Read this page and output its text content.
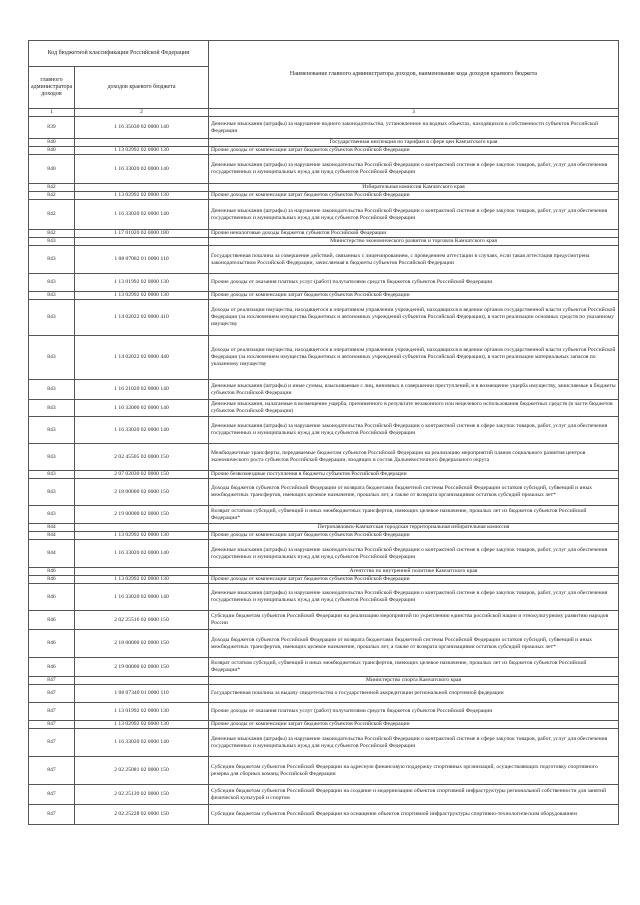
Код бюджетной классификации Российской Федерации		Наименование главного администратора доходов, наименование кода доходов краевого бюджета
главного администратора доходов	доходов краевого бюджета	
1	2	3
839	1 16 35030 02 0000 140	Денежные взыскания (штрафы) за нарушение водного законодательства, установленное на водных объектах, находящихся в собственности субъектов Российской Федерации
840		Государственная инспекция по тарифам в сфере цен Камчатского края
840	1 13 02992 02 0000 130	Прочие доходы от компенсации затрат бюджетов субъектов Российской Федерации
840	1 16 33020 02 0000 140	Денежные взыскания (штрафы) за нарушение законодательства Российской Федерации о контрактной системе в сфере закупок товаров, работ, услуг для обеспечения государственных и муниципальных нужд для нужд субъектов Российской Федерации
842		Избирательная комиссия Камчатского края
842	1 13 02992 02 0000 130	Прочие доходы от компенсации затрат бюджетов субъектов Российской Федерации
842	1 16 33020 02 0000 140	Денежные взыскания (штрафы) за нарушение законодательства Российской Федерации о контрактной системе в сфере закупок товаров, работ, услуг для обеспечения государственных и муниципальных нужд для нужд субъектов Российской Федерации
842	1 17 01020 02 0000 180	Прочие неналоговые доходы бюджетов субъектов Российской Федерации
843		Министерство экономического развития и торговли Камчатского края
843	1 08 07082 01 0000 110	Государственная пошлина за совершение действий, связанных с лицензированием, с проведением аттестации в случаях, если такая аттестация предусмотрена законодательством Российской Федерации, зачисляемая в бюджеты субъектов Российской Федерации
843	1 13 01992 02 0000 130	Прочие доходы от оказания платных услуг (работ) получателями средств бюджетов субъектов Российской Федерации
843	1 13 02992 02 0000 130	Прочие доходы от компенсации затрат бюджетов субъектов Российской Федерации
843	1 14 02022 02 0000 410	Доходы от реализации имущества, находящегося в оперативном управлении учреждений, находящихся в ведении органов государственной власти субъектов Российской Федерации (за исключением имущества бюджетных и автономных учреждений субъектов Российской Федерации), в части реализации основных средств по указанному имуществу
843	1 14 02022 02 0000 440	Доходы от реализации имущества, находящегося в оперативном управлении учреждений, находящихся в ведении органов государственной власти субъектов Российской Федерации (за исключением имущества бюджетных и автономных учреждений субъектов Российской Федерации), в части реализации материальных запасов по указанному имуществу
843	1 16 21020 02 0000 140	Денежные взыскания (штрафы) и иные суммы, взыскиваемые с лиц, виновных в совершении преступлений, и в возмещение ущерба имуществу, зачисляемые в бюджеты субъектов Российской Федерации
843	1 16 32000 02 0000 140	Денежные взыскания, налагаемые в возмещение ущерба, причиненного в результате незаконного или нецелевого использования бюджетных средств (в части бюджетов субъектов Российской Федерации)
843	1 16 33020 02 0000 140	Денежные взыскания (штрафы) за нарушение законодательства Российской Федерации о контрактной системе в сфере закупок товаров, работ, услуг для обеспечения государственных и муниципальных нужд для нужд субъектов Российской Федерации
843	2 02 45505 02 0000 150	Межбюджетные трансферты, передаваемые бюджетам субъектов Российской Федерации на реализацию мероприятий планов социального развития центров экономического роста субъектов Российской Федерации, входящих в состав Дальневосточного федерального округа
843	2 07 02030 02 0000 150	Прочие безвозмездные поступления в бюджеты субъектов Российской Федерации
843	2 18 00000 02 0000 150	Доходы бюджетов субъектов Российской Федерации от возврата бюджетами бюджетной системы Российской Федерации остатков субсидий, субвенций и иных межбюджетных трансфертов, имеющих целевое назначение, прошлых лет, а также от возврата организациями остатков субсидий прошлых лет*
843	2 19 00000 02 0000 150	Возврат остатков субсидий, субвенций и иных межбюджетных трансфертов, имеющих целевое назначение, прошлых лет из бюджетов субъектов Российской Федерации*
844		Петропавловск-Камчатская городская территориальная избирательная комиссия
844	1 13 02992 02 0000 130	Прочие доходы от компенсации затрат бюджетов субъектов Российской Федерации
844	1 16 33020 02 0000 140	Денежные взыскания (штрафы) за нарушение законодательства Российской Федерации о контрактной системе в сфере закупок товаров, работ, услуг для обеспечения государственных и муниципальных нужд для нужд субъектов Российской Федерации
846		Агентство по внутренней политике Камчатского края
846	1 13 02992 02 0000 130	Прочие доходы от компенсации затрат бюджетов субъектов Российской Федерации
846	1 16 33020 02 0000 140	Денежные взыскания (штрафы) за нарушение законодательства Российской Федерации о контрактной системе в сфере закупок товаров, работ, услуг для обеспечения государственных и муниципальных нужд для нужд субъектов Российской Федерации
846	2 02 25516 02 0000 150	Субсидии бюджетам субъектов Российской Федерации на реализацию мероприятий по укреплению единства российской нации и этнокультурному развитию народов России
846	2 18 00000 02 0000 150	Доходы бюджетов субъектов Российской Федерации от возврата бюджетами бюджетной системы Российской Федерации остатков субсидий, субвенций и иных межбюджетных трансфертов, имеющих целевое назначение, прошлых лет, а также от возврата организациями остатков субсидий прошлых лет*
846	2 19 00000 02 0000 150	Возврат остатков субсидий, субвенций и иных межбюджетных трансфертов, имеющих целевое назначение, прошлых лет из бюджетов субъектов Российской Федерации*
847		Министерство спорта Камчатского края
847	1 08 07340 01 0000 110	Государственная пошлина за выдачу свидетельства о государственной аккредитации региональной спортивной федерации
847	1 13 01992 02 0000 130	Прочие доходы от оказания платных услуг (работ) получателями средств бюджетов субъектов Российской Федерации
847	1 13 02992 02 0000 130	Прочие доходы от компенсации затрат бюджетов субъектов Российской Федерации
847	1 16 33020 02 0000 140	Денежные взыскания (штрафы) за нарушение законодательства Российской Федерации о контрактной системе в сфере закупок товаров, работ, услуг для обеспечения государственных и муниципальных нужд для нужд субъектов Российской Федерации
847	2 02 25081 02 0000 150	Субсидии бюджетам субъектов Российской Федерации на адресную финансовую поддержку спортивных организаций, осуществляющих подготовку спортивного резерва для сборных команд Российской Федерации
847	2 02 25139 02 0000 150	Субсидии бюджетам субъектов Российской Федерации на создание и модернизацию объектов спортивной инфраструктуры региональной собственности для занятий физической культурой и спортом
847	2 02 25228 02 0000 150	Субсидии бюджетам субъектов Российской Федерации на оснащение объектов спортивной инфраструктуры спортивно-технологическим оборудованием
